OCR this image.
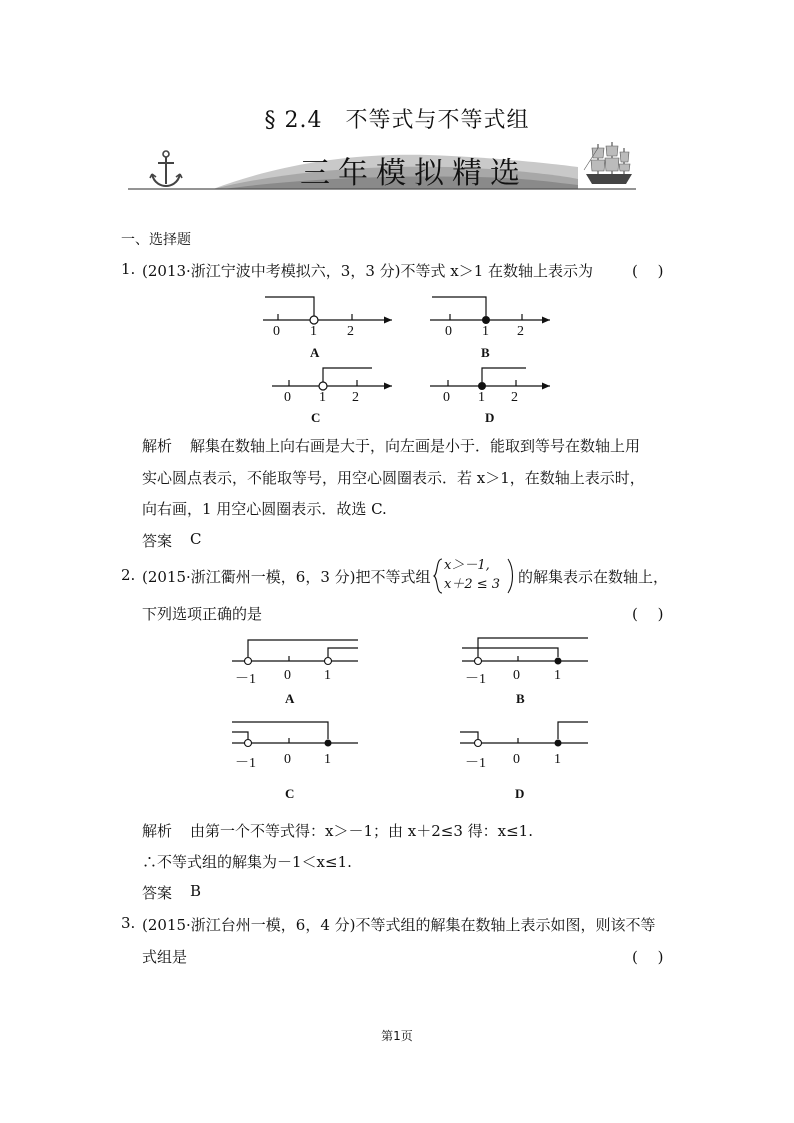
§ 2.4　不等式与不等式组
三年模拟精选
一、选择题
1. (2013·浙江宁波中考模拟六，3，3 分)不等式 x＞1 在数轴上表示为	(　 )
0 1 2	0 1 2
0 1 2	0 1 2
A	B
C	D
解析 解集在数轴上向右画是大于，向左画是小于．能取到等号在数轴上用
实心圆点表示，不能取等号，用空心圆圈表示．若 x＞1，在数轴上表示时，
向右画，1 用空心圆圈表示．故选 C.
答案 C
2. (2015·浙江衢州一模，6，3 分)把不等式组
x＞－1,
x＋2 ≤ 3 的解集表示在数轴上，
下列选项正确的是	(　 )
－1 0 1	－1 0 1
－1 0 1	－1 0 1
A	B
C	D
解析 由第一个不等式得：x＞－1；由 x＋2≤3 得：x≤1.
∴不等式组的解集为－1＜x≤1.
答案 B
3. (2015·浙江台州一模，6，4 分)不等式组的解集在数轴上表示如图，则该不等
式组是	(　 )
第1页
